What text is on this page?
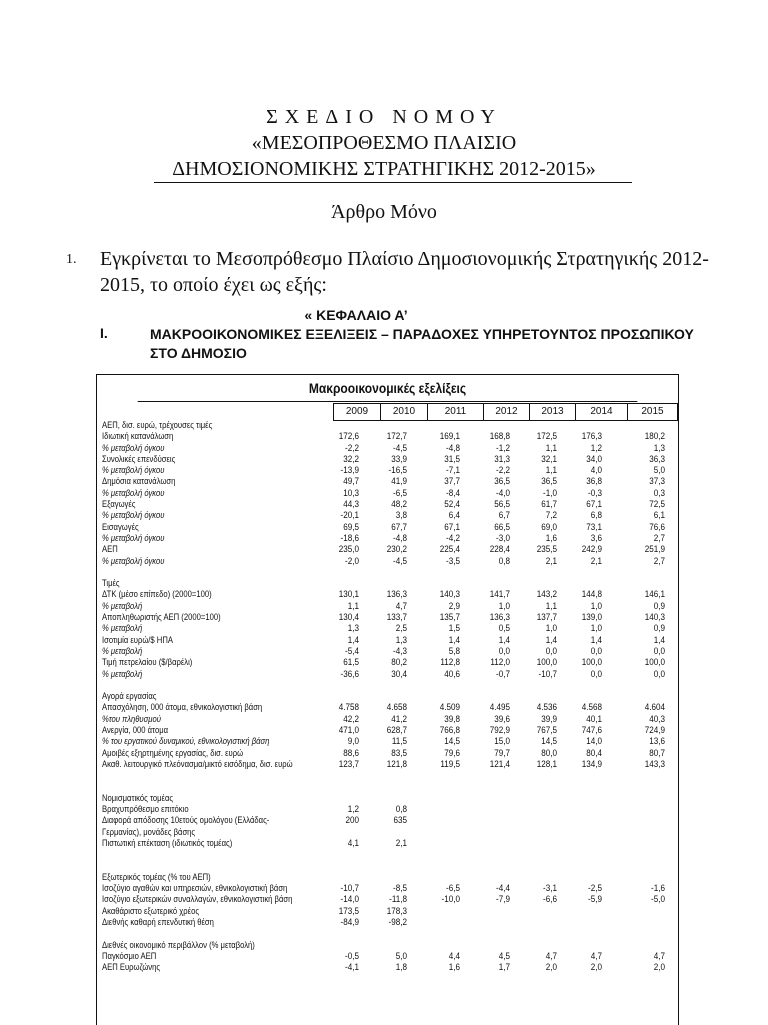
ΣΧΕΔΙΟ ΝΟΜΟΥ
«ΜΕΣΟΠΡΟΘΕΣΜΟ ΠΛΑΙΣΙΟ
ΔΗΜΟΣΙΟΝΟΜΙΚΗΣ ΣΤΡΑΤΗΓΙΚΗΣ 2012-2015»
Άρθρο Μόνο
1. Εγκρίνεται το Μεσοπρόθεσμο Πλαίσιο Δημοσιονομικής Στρατηγικής 2012-2015, το οποίο έχει ως εξής:
« ΚΕΦΑΛΑΙΟ Α’
I.	ΜΑΚΡΟΟΙΚΟΝΟΜΙΚΕΣ ΕΞΕΛΙΞΕΙΣ – ΠΑΡΑΔΟΧΕΣ ΥΠΗΡΕΤΟΥΝΤΟΣ ΠΡΟΣΩΠΙΚΟΥ ΣΤΟ ΔΗΜΟΣΙΟ
Μακροοικονομικές εξελίξεις
2009	2010	2011	2012	2013	2014	2015
ΑΕΠ, δισ. ευρώ, τρέχουσες τιμές
Ιδιωτική κατανάλωση	172,6	172,7	169,1	168,8	172,5	176,3	180,2
% μεταβολή όγκου	-2,2	-4,5	-4,8	-1,2	1,1	1,2	1,3
Συνολικές επενδύσεις	32,2	33,9	31,5	31,3	32,1	34,0	36,3
% μεταβολή όγκου	-13,9	-16,5	-7,1	-2,2	1,1	4,0	5,0
Δημόσια κατανάλωση	49,7	41,9	37,7	36,5	36,5	36,8	37,3
% μεταβολή όγκου	10,3	-6,5	-8,4	-4,0	-1,0	-0,3	0,3
Εξαγωγές	44,3	48,2	52,4	56,5	61,7	67,1	72,5
% μεταβολή όγκου	-20,1	3,8	6,4	6,7	7,2	6,8	6,1
Εισαγωγές	69,5	67,7	67,1	66,5	69,0	73,1	76,6
% μεταβολή όγκου	-18,6	-4,8	-4,2	-3,0	1,6	3,6	2,7
ΑΕΠ	235,0	230,2	225,4	228,4	235,5	242,9	251,9
% μεταβολή όγκου	-2,0	-4,5	-3,5	0,8	2,1	2,1	2,7
Τιμές
ΔΤΚ (μέσο επίπεδο) (2000=100)	130,1	136,3	140,3	141,7	143,2	144,8	146,1
% μεταβολή	1,1	4,7	2,9	1,0	1,1	1,0	0,9
Αποπληθωριστής ΑΕΠ (2000=100)	130,4	133,7	135,7	136,3	137,7	139,0	140,3
% μεταβολή	1,3	2,5	1,5	0,5	1,0	1,0	0,9
Ισοτιμία ευρώ/$ ΗΠΑ	1,4	1,3	1,4	1,4	1,4	1,4	1,4
% μεταβολή	-5,4	-4,3	5,8	0,0	0,0	0,0	0,0
Τιμή πετρελαίου ($/βαρέλι)	61,5	80,2	112,8	112,0	100,0	100,0	100,0
% μεταβολή	-36,6	30,4	40,6	-0,7	-10,7	0,0	0,0
Αγορά εργασίας
Απασχόληση, 000 άτομα, εθνικολογιστική βάση	4.758	4.658	4.509	4.495	4.536	4.568	4.604
%του πληθυσμού	42,2	41,2	39,8	39,6	39,9	40,1	40,3
Ανεργία, 000 άτομα	471,0	628,7	766,8	792,9	767,5	747,6	724,9
% του εργατικού δυναμικού, εθνικολογιστική βάση	9,0	11,5	14,5	15,0	14,5	14,0	13,6
Αμοιβές εξηρτημένης εργασίας, δισ. ευρώ	88,6	83,5	79,6	79,7	80,0	80,4	80,7
Ακαθ. λειτουργικό πλεόνασμα/μικτό εισόδημα, δισ. ευρώ	123,7	121,8	119,5	121,4	128,1	134,9	143,3
Νομισματικός τομέας
Βραχυπρόθεσμο επιτόκιο	1,2	0,8
Διαφορά απόδοσης 10ετούς ομολόγου (Ελλάδας-	200	635
Γερμανίας), μονάδες βάσης
Πιστωτική επέκταση (ιδιωτικός τομέας)	4,1	2,1
Εξωτερικός τομέας (% του ΑΕΠ)
Ισοζύγιο αγαθών και υπηρεσιών, εθνικολογιστική βάση	-10,7	-8,5	-6,5	-4,4	-3,1	-2,5	-1,6
Ισοζύγιο εξωτερικών συναλλαγών, εθνικολογιστική βάση	-14,0	-11,8	-10,0	-7,9	-6,6	-5,9	-5,0
Ακαθάριστο εξωτερικό χρέος	173,5	178,3
Διεθνής καθαρή επενδυτική θέση	-84,9	-98,2
Διεθνές οικονομικό περιβάλλον (% μεταβολή)
Παγκόσμιο ΑΕΠ	-0,5	5,0	4,4	4,5	4,7	4,7	4,7
ΑΕΠ Ευρωζώνης	-4,1	1,8	1,6	1,7	2,0	2,0	2,0
